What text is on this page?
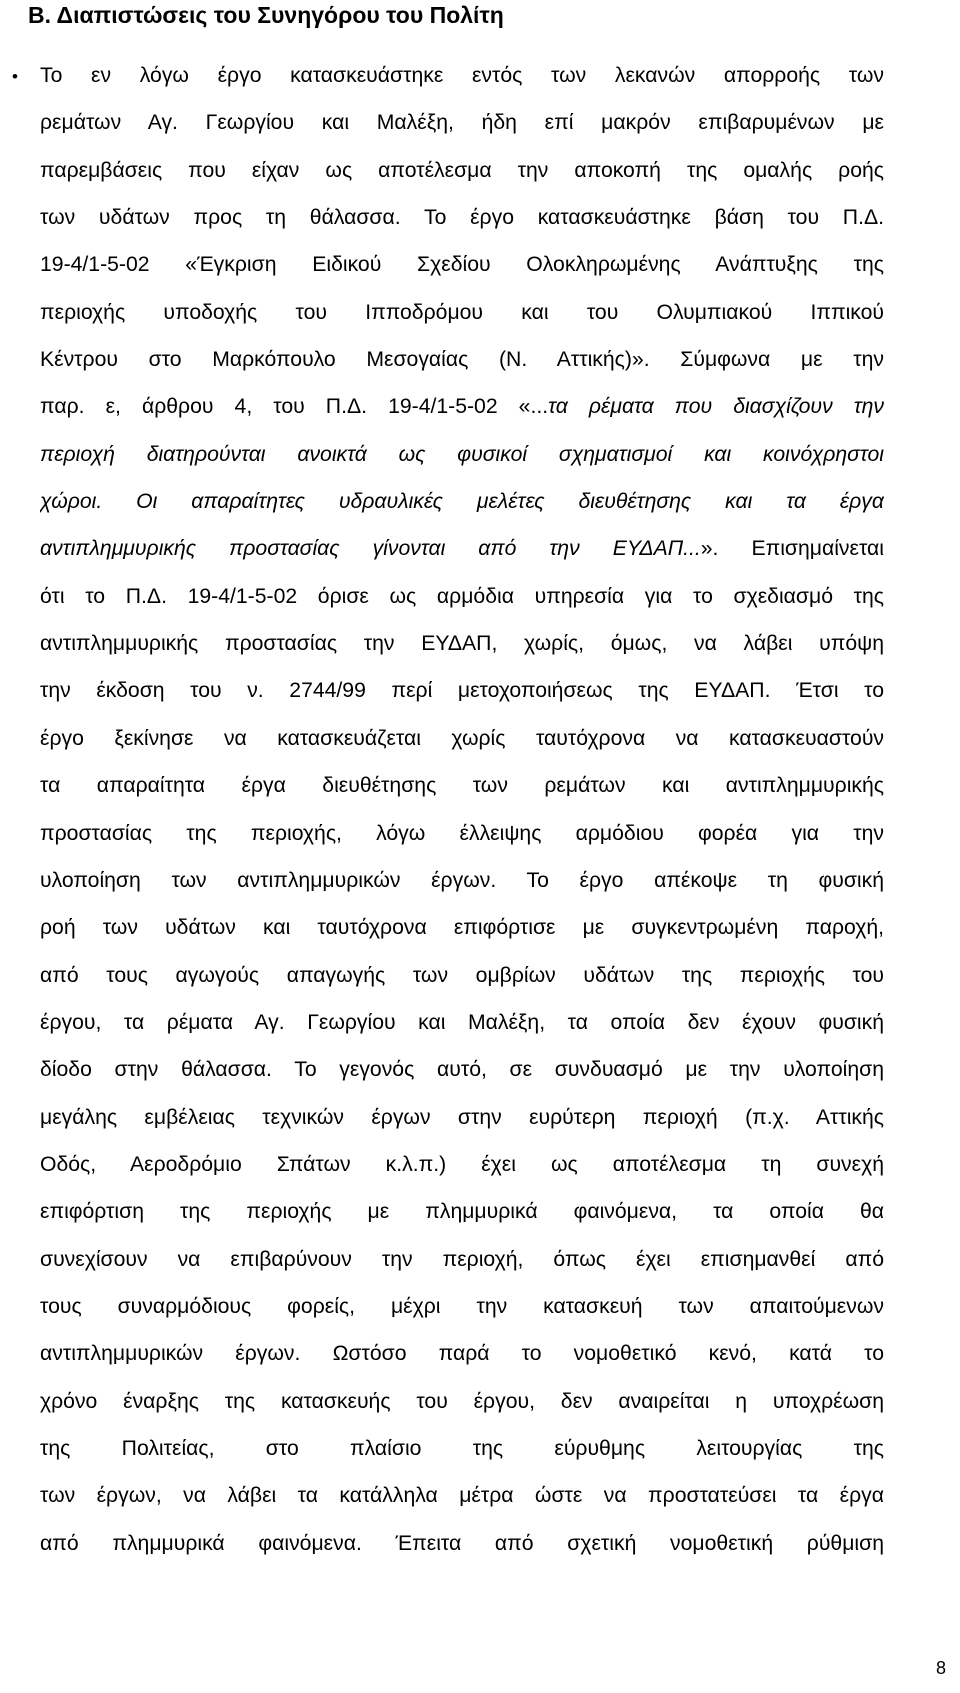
Β. Διαπιστώσεις του Συνηγόρου του Πολίτη
• Το εν λόγω έργο κατασκευάστηκε εντός των λεκανών απορροής των
ρεμάτων Αγ. Γεωργίου και Μαλέξη, ήδη επί μακρόν επιβαρυμένων με
παρεμβάσεις που είχαν ως αποτέλεσμα την αποκοπή της ομαλής ροής
των υδάτων προς τη θάλασσα. Το έργο κατασκευάστηκε βάση του Π.Δ.
19-4/1-5-02 «Έγκριση Ειδικού Σχεδίου Ολοκληρωμένης Ανάπτυξης της
περιοχής υποδοχής του Ιπποδρόμου και του Ολυμπιακού Ιππικού
Κέντρου στο Μαρκόπουλο Μεσογαίας (Ν. Αττικής)». Σύμφωνα με την
παρ. ε, άρθρου 4, του Π.Δ. 19-4/1-5-02 «...τα ρέματα που διασχίζουν την
περιοχή διατηρούνται ανοικτά ως φυσικοί σχηματισμοί και κοινόχρηστοι
χώροι. Οι απαραίτητες υδραυλικές μελέτες διευθέτησης και τα έργα
αντιπλημμυρικής προστασίας γίνονται από την ΕΥΔΑΠ...». Επισημαίνεται
ότι το Π.Δ. 19-4/1-5-02 όρισε ως αρμόδια υπηρεσία για το σχεδιασμό της
αντιπλημμυρικής προστασίας την ΕΥΔΑΠ, χωρίς, όμως, να λάβει υπόψη
την έκδοση του ν. 2744/99 περί μετοχοποιήσεως της ΕΥΔΑΠ. Έτσι το
έργο ξεκίνησε να κατασκευάζεται χωρίς ταυτόχρονα να κατασκευαστούν
τα απαραίτητα έργα διευθέτησης των ρεμάτων και αντιπλημμυρικής
προστασίας της περιοχής, λόγω έλλειψης αρμόδιου φορέα για την
υλοποίηση των αντιπλημμυρικών έργων. Το έργο απέκοψε τη φυσική
ροή των υδάτων και ταυτόχρονα επιφόρτισε με συγκεντρωμένη παροχή,
από τους αγωγούς απαγωγής των ομβρίων υδάτων της περιοχής του
έργου, τα ρέματα Αγ. Γεωργίου και Μαλέξη, τα οποία δεν έχουν φυσική
δίοδο στην θάλασσα. Το γεγονός αυτό, σε συνδυασμό με την υλοποίηση
μεγάλης εμβέλειας τεχνικών έργων στην ευρύτερη περιοχή (π.χ. Αττικής
Οδός, Αεροδρόμιο Σπάτων κ.λ.π.) έχει ως αποτέλεσμα τη συνεχή
επιφόρτιση της περιοχής με πλημμυρικά φαινόμενα, τα οποία θα
συνεχίσουν να επιβαρύνουν την περιοχή, όπως έχει επισημανθεί από
τους συναρμόδιους φορείς, μέχρι την κατασκευή των απαιτούμενων
αντιπλημμυρικών έργων. Ωστόσο παρά το νομοθετικό κενό, κατά το
χρόνο έναρξης της κατασκευής του έργου, δεν αναιρείται η υποχρέωση
της Πολιτείας, στο πλαίσιο της εύρυθμης λειτουργίας της
των έργων, να λάβει τα κατάλληλα μέτρα ώστε να προστατεύσει τα έργα
από πλημμυρικά φαινόμενα. Έπειτα από σχετική νομοθετική ρύθμιση
8
